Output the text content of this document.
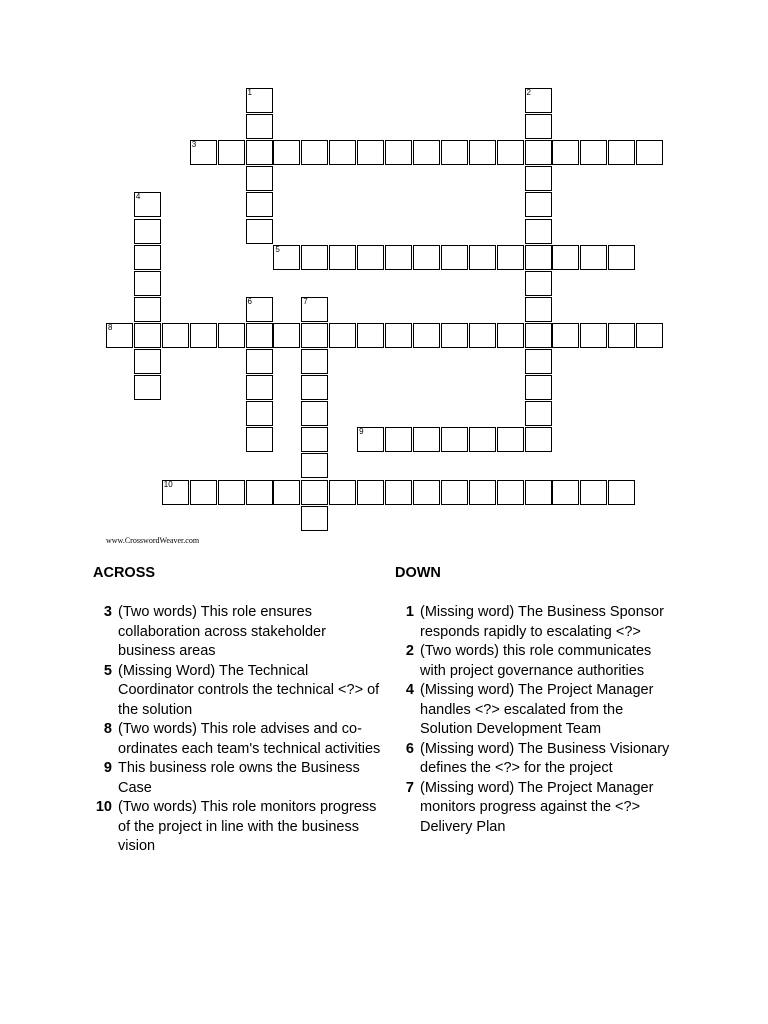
1	2
3
4
5
6	7
8
9
10
www.CrosswordWeaver.com
ACROSS	DOWN
3 (Two words) This role ensures collaboration across stakeholder business areas
5 (Missing Word) The Technical Coordinator controls the technical <?> of the solution
8 (Two words) This role advises and co-ordinates each team's technical activities
9 This business role owns the Business Case
10 (Two words) This role monitors progress of the project in line with the business vision
1 (Missing word) The Business Sponsor responds rapidly to escalating <?>
2 (Two words) this role communicates with project governance authorities
4 (Missing word) The Project Manager handles <?> escalated from the Solution Development Team
6 (Missing word) The Business Visionary defines the <?> for the project
7 (Missing word) The Project Manager monitors progress against the <?> Delivery Plan
